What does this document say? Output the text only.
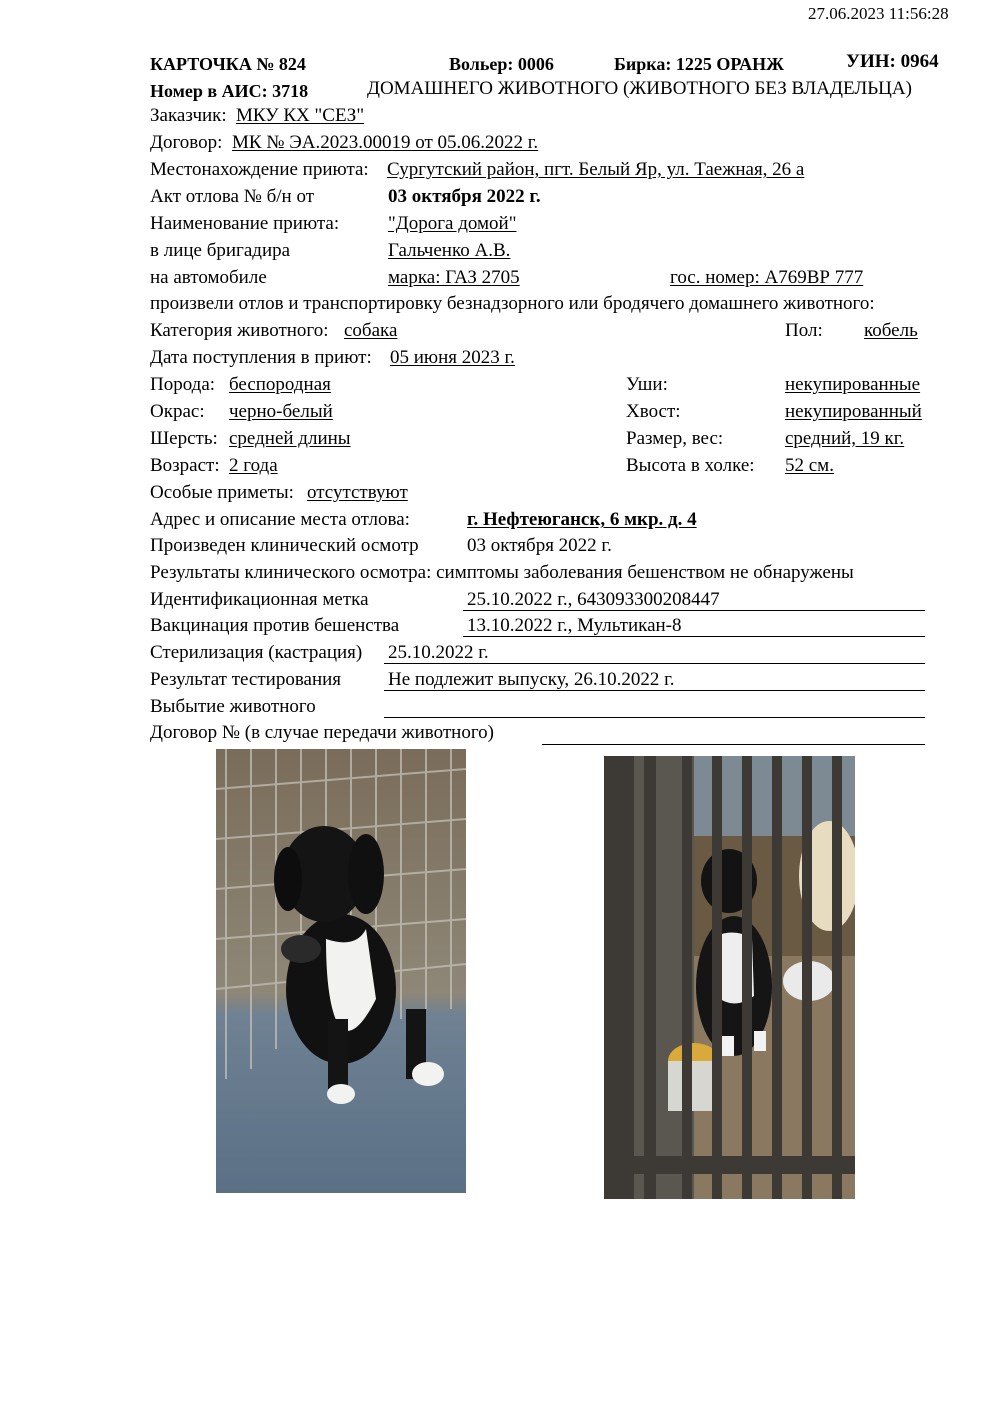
27.06.2023 11:56:28
КАРТОЧКА № 824	Вольер: 0006	Бирка: 1225 ОРАНЖ	УИН: 0964
Номер в АИС: 3718	ДОМАШНЕГО ЖИВОТНОГО (ЖИВОТНОГО БЕЗ ВЛАДЕЛЬЦА)
Заказчик: МКУ КХ "СЕЗ"
Договор: МК № ЭА.2023.00019 от 05.06.2022 г.
Местонахождение приюта: Сургутский район, пгт. Белый Яр, ул. Таежная, 26 а
Акт отлова № б/н от	03 октября 2022 г.
Наименование приюта:	"Дорога домой"
в лице бригадира	Гальченко А.В.
на автомобиле	марка: ГАЗ 2705	гос. номер: А769ВР 777
произвели отлов и транспортировку безнадзорного или бродячего домашнего животного:
Категория животного: собака	Пол: кобель
Дата поступления в приют: 05 июня 2023 г.
Порода: беспородная	Уши:	некупированные
Окрас: черно-белый	Хвост:	некупированный
Шерсть: средней длины	Размер, вес:	средний, 19 кг.
Возраст: 2 года	Высота в холке: 52 см.
Особые приметы: отсутствуют
Адрес и описание места отлова:	г. Нефтеюганск, 6 мкр. д. 4
Произведен клинический осмотр	03 октября 2022 г.
Результаты клинического осмотра: симптомы заболевания бешенством не обнаружены
Идентификационная метка	25.10.2022 г., 643093300208447
Вакцинация против бешенства	13.10.2022 г., Мультикан-8
Стерилизация (кастрация) 25.10.2022 г.
Результат тестирования Не подлежит выпуску, 26.10.2022 г.
Выбытие животного
Договор № (в случае передачи животного)
